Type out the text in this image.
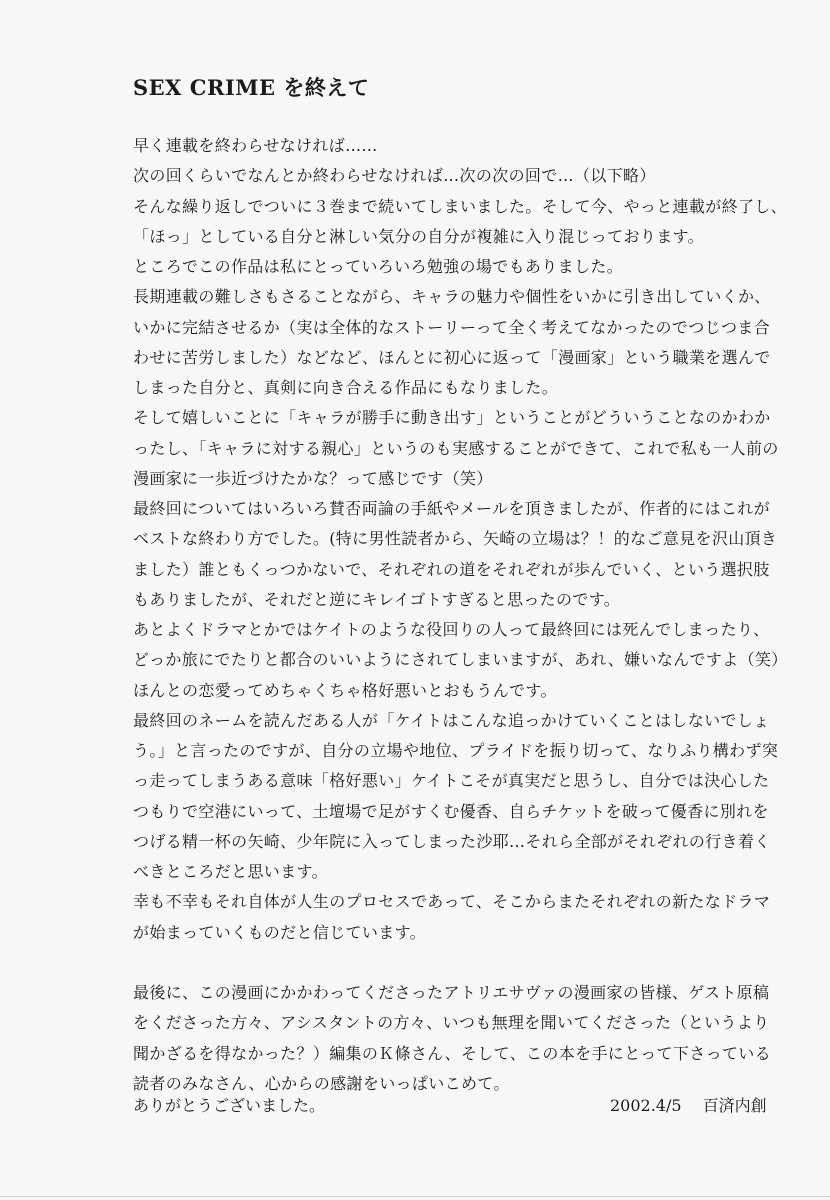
SEX CRIME を終えて
早く連載を終わらせなければ……
次の回くらいでなんとか終わらせなければ…次の次の回で…（以下略）
そんな繰り返しでついに３巻まで続いてしまいました。そして今、やっと連載が終了し、
「ほっ」としている自分と淋しい気分の自分が複雑に入り混じっております。
ところでこの作品は私にとっていろいろ勉強の場でもありました。
長期連載の難しさもさることながら、キャラの魅力や個性をいかに引き出していくか、
いかに完結させるか（実は全体的なストーリーって全く考えてなかったのでつじつま合
わせに苦労しました）などなど、ほんとに初心に返って「漫画家」という職業を選んで
しまった自分と、真剣に向き合える作品にもなりました。
そして嬉しいことに「キャラが勝手に動き出す」ということがどういうことなのかわか
ったし、「キャラに対する親心」というのも実感することができて、これで私も一人前の
漫画家に一歩近づけたかな？って感じです（笑）
最終回についてはいろいろ賛否両論の手紙やメールを頂きましたが、作者的にはこれが
ベストな終わり方でした。(特に男性読者から、矢崎の立場は？！的なご意見を沢山頂き
ました）誰ともくっつかないで、それぞれの道をそれぞれが歩んでいく、という選択肢
もありましたが、それだと逆にキレイゴトすぎると思ったのです。
あとよくドラマとかではケイトのような役回りの人って最終回には死んでしまったり、
どっか旅にでたりと都合のいいようにされてしまいますが、あれ、嫌いなんですよ（笑）
ほんとの恋愛ってめちゃくちゃ格好悪いとおもうんです。
最終回のネームを読んだある人が「ケイトはこんな追っかけていくことはしないでしょ
う。」と言ったのですが、自分の立場や地位、プライドを振り切って、なりふり構わず突
っ走ってしまうある意味「格好悪い」ケイトこそが真実だと思うし、自分では決心した
つもりで空港にいって、土壇場で足がすくむ優香、自らチケットを破って優香に別れを
つげる精一杯の矢崎、少年院に入ってしまった沙耶…それら全部がそれぞれの行き着く
べきところだと思います。
幸も不幸もそれ自体が人生のプロセスであって、そこからまたそれぞれの新たなドラマ
が始まっていくものだと信じています。
最後に、この漫画にかかわってくださったアトリエサヴァの漫画家の皆様、ゲスト原稿
をくださった方々、アシスタントの方々、いつも無理を聞いてくださった（というより
聞かざるを得なかった？）編集のＫ條さん、そして、この本を手にとって下さっている
読者のみなさん、心からの感謝をいっぱいこめて。
ありがとうございました。	2002.4/5 百済内創
